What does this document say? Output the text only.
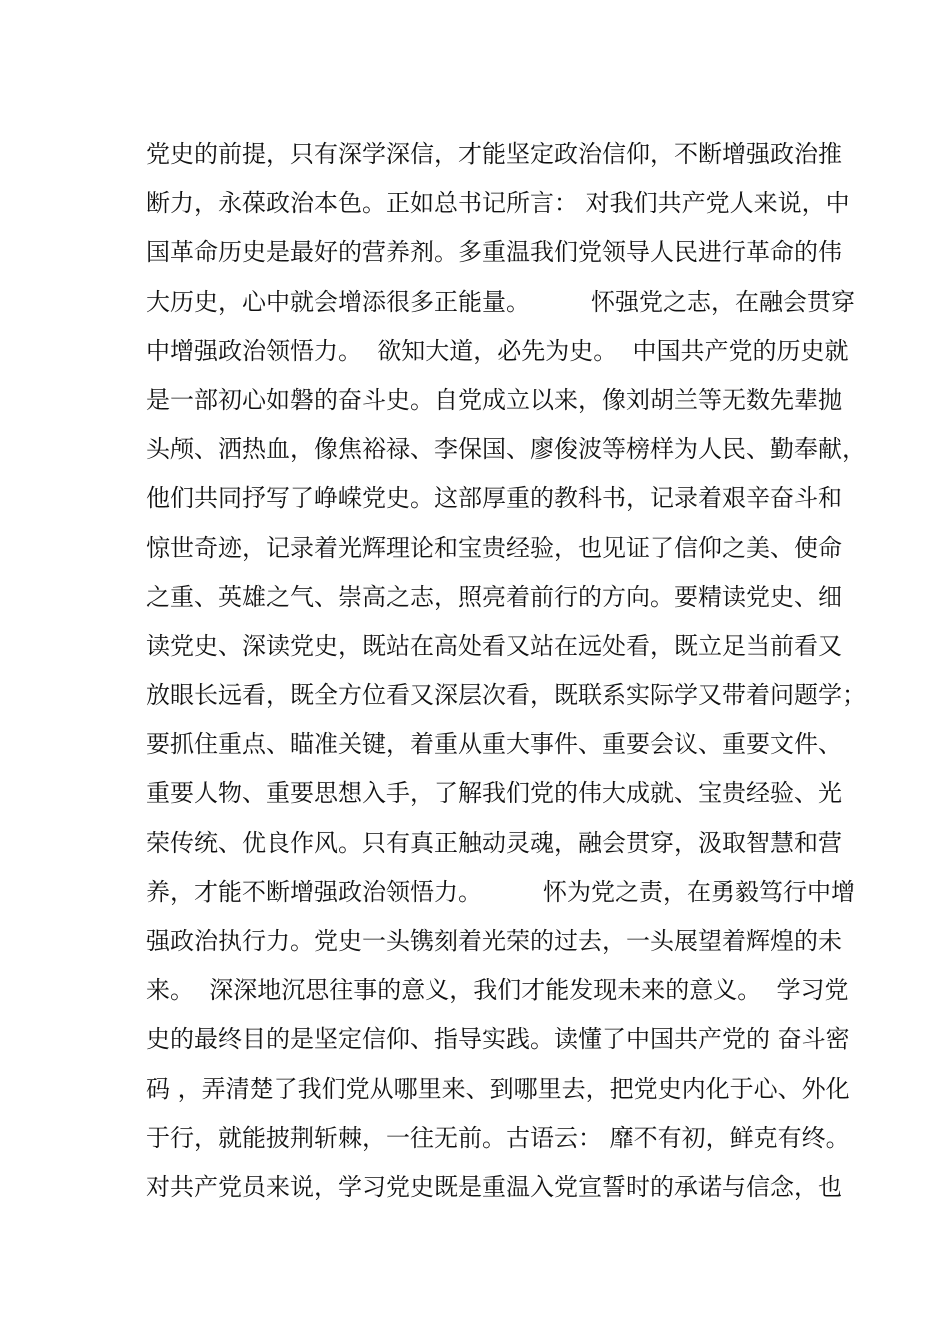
党史的前提，只有深学深信，才能坚定政治信仰，不断增强政治推
断力，永葆政治本色。正如总书记所言： 对我们共产党人来说，中
国革命历史是最好的营养剂。多重温我们党领导人民进行革命的伟
大历史，心中就会增添很多正能量。        怀强党之志，在融会贯穿
中增强政治领悟力。  欲知大道，必先为史。  中国共产党的历史就
是一部初心如磐的奋斗史。自党成立以来，像刘胡兰等无数先辈抛
头颅、洒热血，像焦裕禄、李保国、廖俊波等榜样为人民、勤奉献，
他们共同抒写了峥嵘党史。这部厚重的教科书，记录着艰辛奋斗和
惊世奇迹，记录着光辉理论和宝贵经验，也见证了信仰之美、使命
之重、英雄之气、崇高之志，照亮着前行的方向。要精读党史、细
读党史、深读党史，既站在高处看又站在远处看，既立足当前看又
放眼长远看，既全方位看又深层次看，既联系实际学又带着问题学；
要抓住重点、瞄准关键，着重从重大事件、重要会议、重要文件、
重要人物、重要思想入手，了解我们党的伟大成就、宝贵经验、光
荣传统、优良作风。只有真正触动灵魂，融会贯穿，汲取智慧和营
养，才能不断增强政治领悟力。        怀为党之责，在勇毅笃行中增
强政治执行力。党史一头镌刻着光荣的过去，一头展望着辉煌的未
来。  深深地沉思往事的意义，我们才能发现未来的意义。  学习党
史的最终目的是坚定信仰、指导实践。读懂了中国共产党的 奋斗密
码 ，弄清楚了我们党从哪里来、到哪里去，把党史内化于心、外化
于行，就能披荆斩棘，一往无前。古语云： 靡不有初，鲜克有终。
对共产党员来说，学习党史既是重温入党宣誓时的承诺与信念，也
